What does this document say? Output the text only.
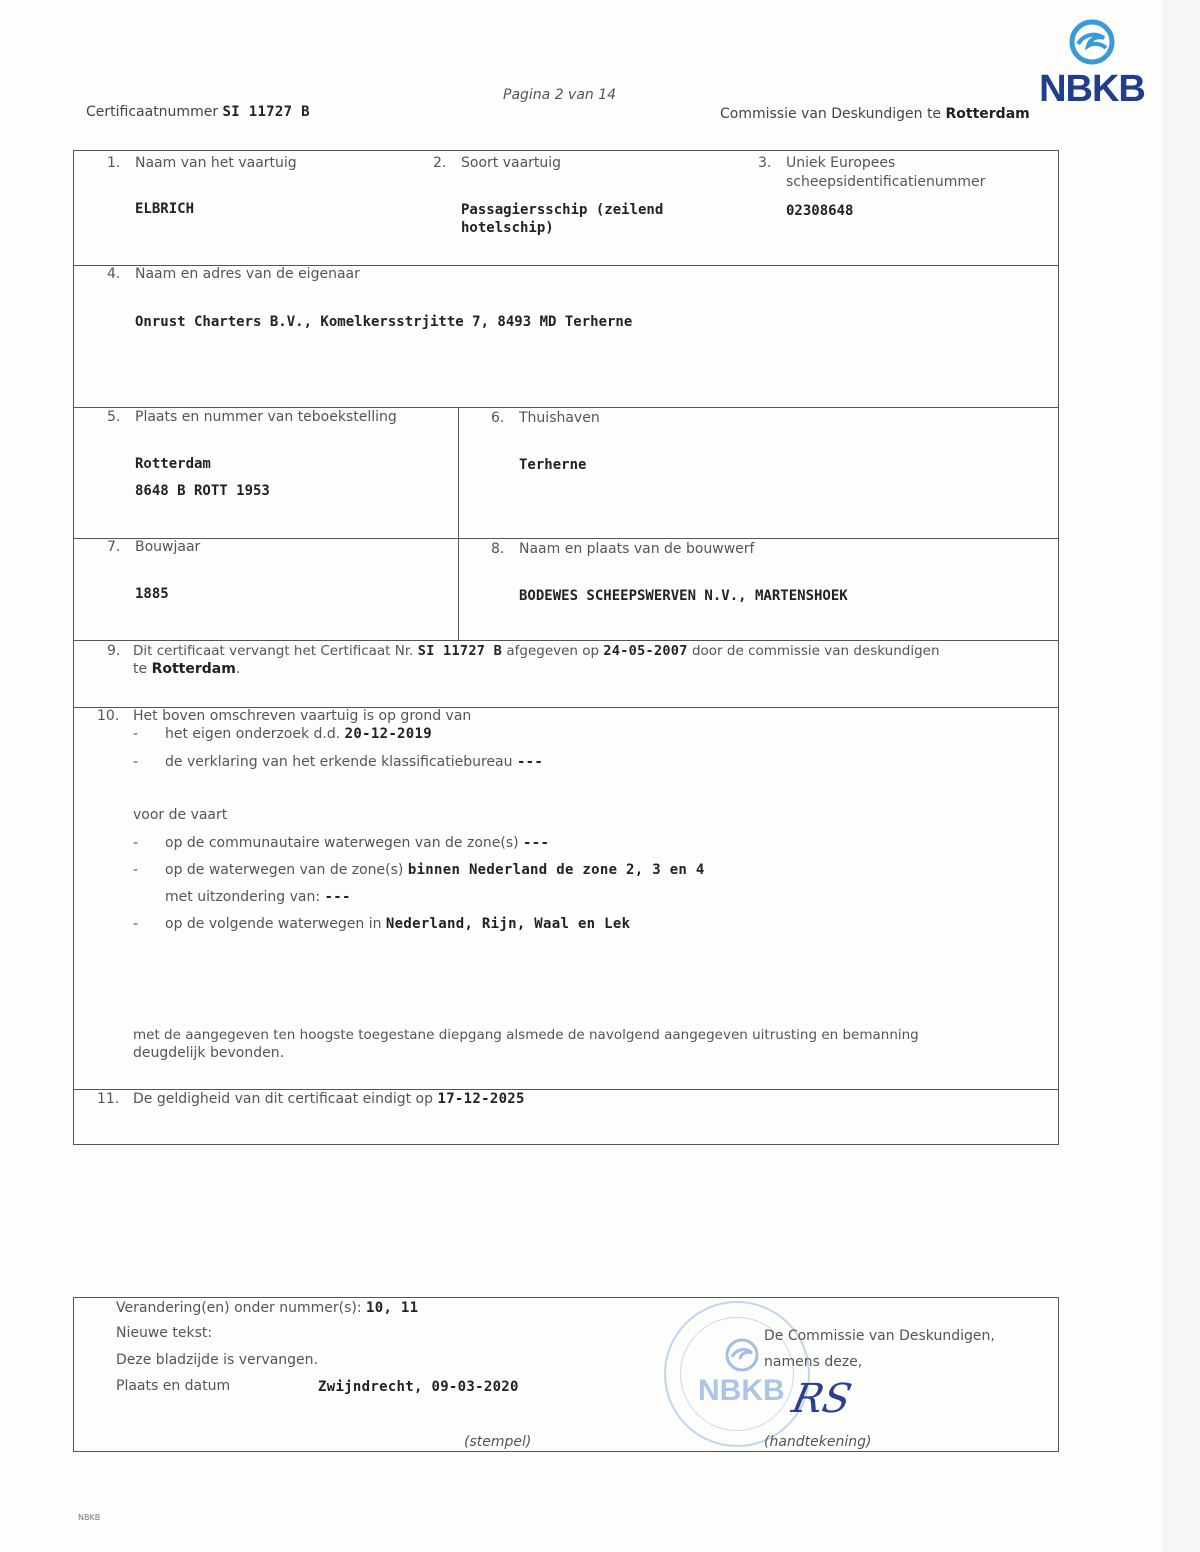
Certificaatnummer SI 11727 B
Pagina 2 van 14
Commissie van Deskundigen te Rotterdam
NBKB
1. Naam van het vaartuig
ELBRICH
2. Soort vaartuig
Passagiersschip (zeilend
hotelschip)
3. Uniek Europees
scheepsidentificatienummer
02308648
4. Naam en adres van de eigenaar
Onrust Charters B.V., Komelkersstrjitte 7, 8493 MD Terherne
5. Plaats en nummer van teboekstelling
Rotterdam
8648 B ROTT 1953
6. Thuishaven
Terherne
7. Bouwjaar
1885
8. Naam en plaats van de bouwwerf
BODEWES SCHEEPSWERVEN N.V., MARTENSHOEK
9. Dit certificaat vervangt het Certificaat Nr. SI 11727 B afgegeven op 24-05-2007 door de commissie van deskundigen
te Rotterdam.
10. Het boven omschreven vaartuig is op grond van
- het eigen onderzoek d.d. 20-12-2019
- de verklaring van het erkende klassificatiebureau ---
voor de vaart
- op de communautaire waterwegen van de zone(s) ---
- op de waterwegen van de zone(s) binnen Nederland de zone 2, 3 en 4
met uitzondering van: ---
- op de volgende waterwegen in Nederland, Rijn, Waal en Lek
met de aangegeven ten hoogste toegestane diepgang alsmede de navolgend aangegeven uitrusting en bemanning
deugdelijk bevonden.
11. De geldigheid van dit certificaat eindigt op 17-12-2025
Verandering(en) onder nummer(s): 10, 11
Nieuwe tekst:
Deze bladzijde is vervangen.
Plaats en datum	Zwijndrecht, 09-03-2020	NBKB
De Commissie van Deskundigen,
namens deze,
RS
(stempel)	(handtekening)
NBKB
